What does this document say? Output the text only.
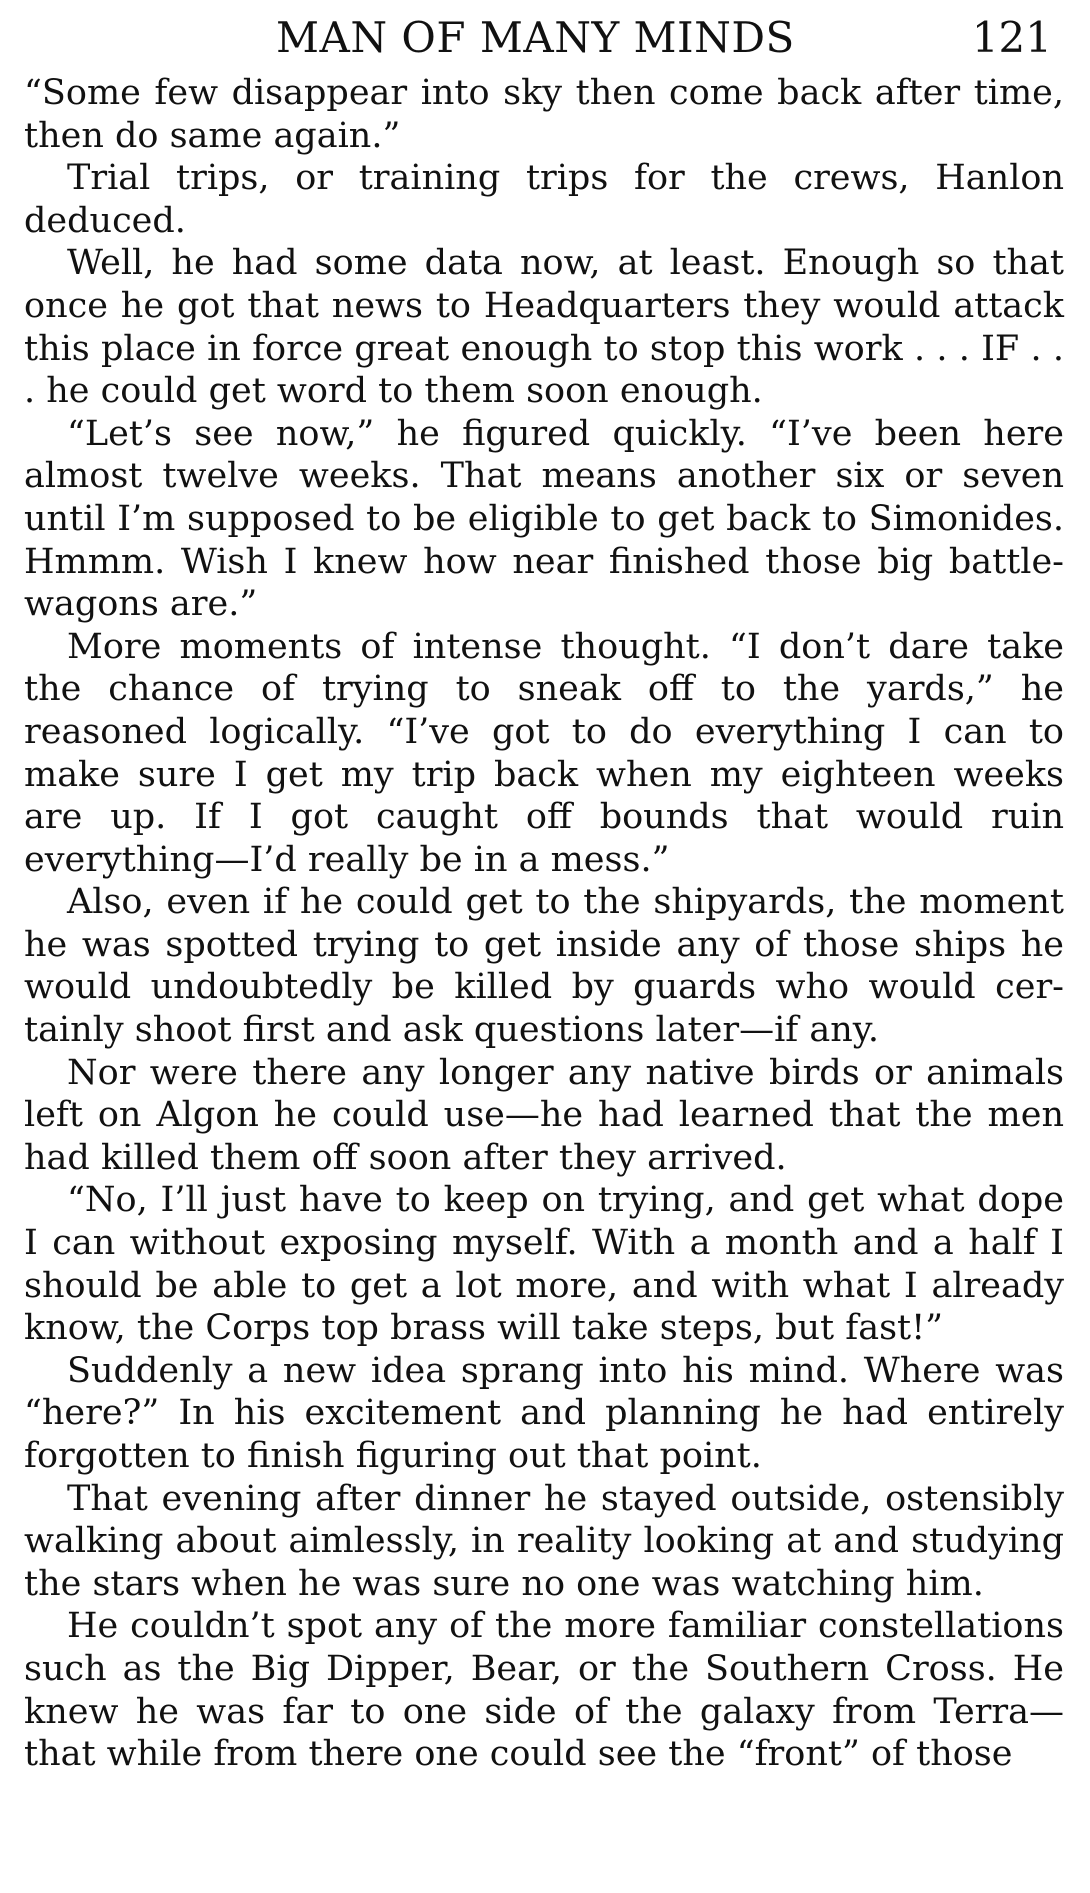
MAN OF MANY MINDS	121

“Some few disappear into sky then come back after time, then do same again.”

Trial trips, or training trips for the crews, Hanlon deduced.

Well, he had some data now, at least. Enough so that once he got that news to Headquarters they would attack this place in force great enough to stop this work . . . IF . . . he could get word to them soon enough.

“Let’s see now,” he figured quickly. “I’ve been here almost twelve weeks. That means another six or seven until I’m supposed to be eligible to get back to Simonides. Hmmm. Wish I knew how near finished those big battlewagons are.”

More moments of intense thought. “I don’t dare take the chance of trying to sneak off to the yards,” he reasoned logically. “I’ve got to do everything I can to make sure I get my trip back when my eighteen weeks are up. If I got caught off bounds that would ruin everything—I’d really be in a mess.”

Also, even if he could get to the shipyards, the moment he was spotted trying to get inside any of those ships he would undoubtedly be killed by guards who would certainly shoot first and ask questions later—if any.

Nor were there any longer any native birds or animals left on Algon he could use—he had learned that the men had killed them off soon after they arrived.

“No, I’ll just have to keep on trying, and get what dope I can without exposing myself. With a month and a half I should be able to get a lot more, and with what I already know, the Corps top brass will take steps, but fast!”

Suddenly a new idea sprang into his mind. Where was “here?” In his excitement and planning he had entirely forgotten to finish figuring out that point.

That evening after dinner he stayed outside, ostensibly walking about aimlessly, in reality looking at and studying the stars when he was sure no one was watching him.

He couldn’t spot any of the more familiar constellations such as the Big Dipper, Bear, or the Southern Cross. He knew he was far to one side of the galaxy from Terra—that while from there one could see the “front” of those
